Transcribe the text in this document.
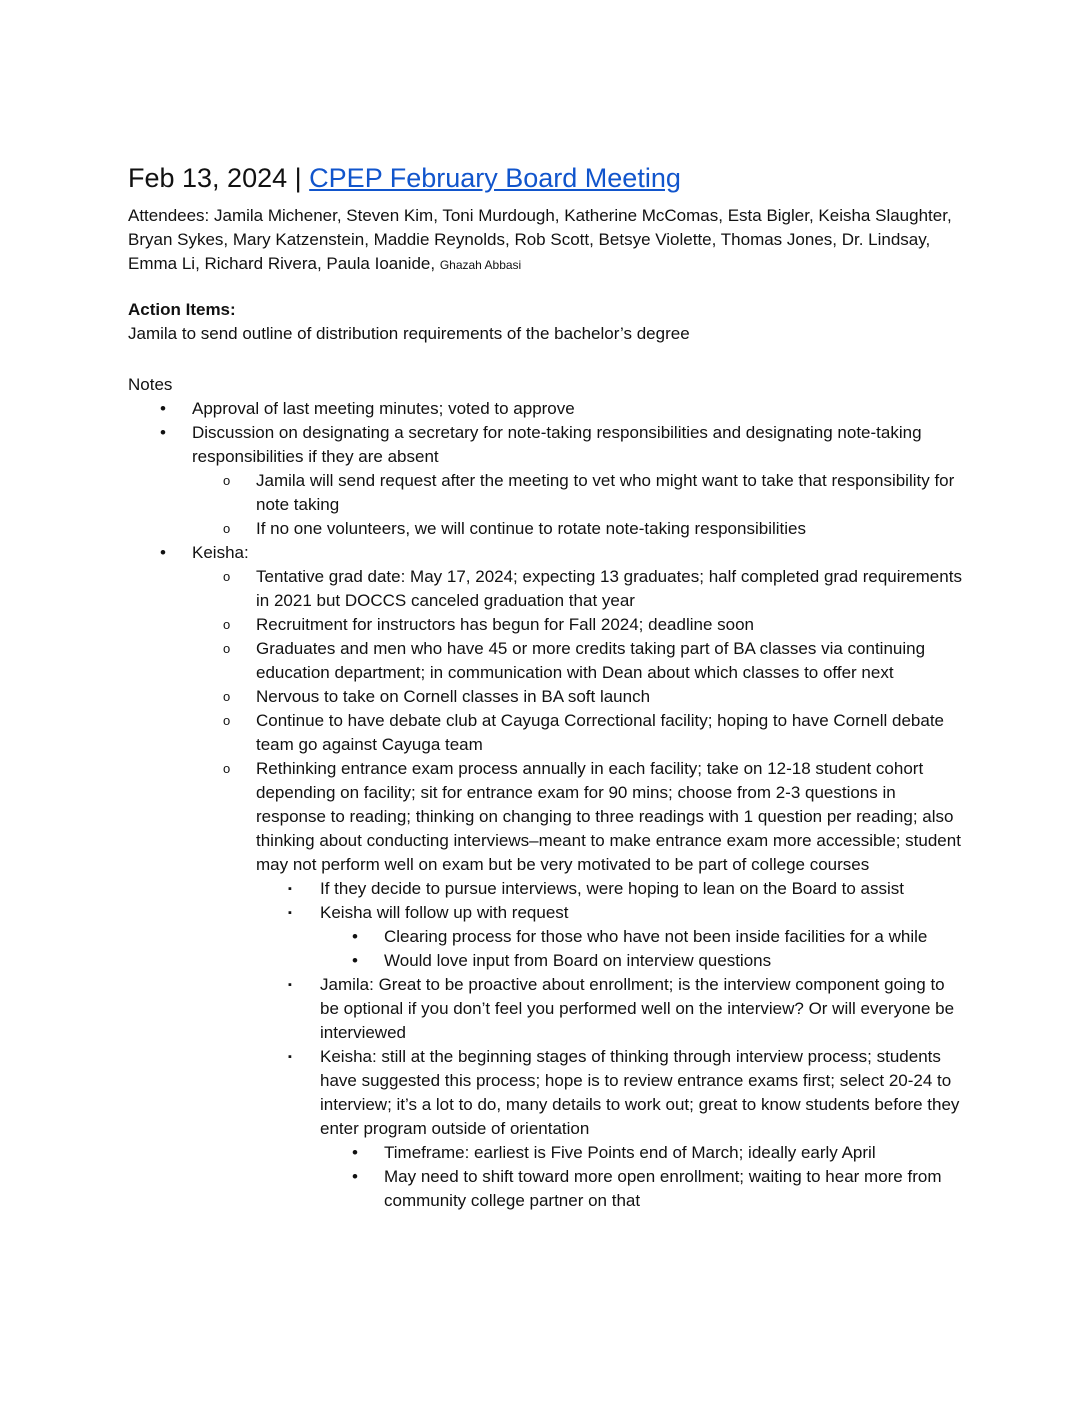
Feb 13, 2024 | CPEP February Board Meeting

Attendees: Jamila Michener, Steven Kim, Toni Murdough, Katherine McComas, Esta Bigler, Keisha Slaughter, Bryan Sykes, Mary Katzenstein, Maddie Reynolds, Rob Scott, Betsye Violette, Thomas Jones, Dr. Lindsay, Emma Li, Richard Rivera, Paula Ioanide, Ghazah Abbasi

Action Items:

Jamila to send outline of distribution requirements of the bachelor’s degree

Notes

• Approval of last meeting minutes; voted to approve
• Discussion on designating a secretary for note-taking responsibilities and designating note-taking responsibilities if they are absent
o Jamila will send request after the meeting to vet who might want to take that responsibility for note taking
o If no one volunteers, we will continue to rotate note-taking responsibilities
• Keisha:
o Tentative grad date: May 17, 2024; expecting 13 graduates; half completed grad requirements in 2021 but DOCCS canceled graduation that year
o Recruitment for instructors has begun for Fall 2024; deadline soon
o Graduates and men who have 45 or more credits taking part of BA classes via continuing education department; in communication with Dean about which classes to offer next
o Nervous to take on Cornell classes in BA soft launch
o Continue to have debate club at Cayuga Correctional facility; hoping to have Cornell debate team go against Cayuga team
o Rethinking entrance exam process annually in each facility; take on 12-18 student cohort depending on facility; sit for entrance exam for 90 mins; choose from 2-3 questions in response to reading; thinking on changing to three readings with 1 question per reading; also thinking about conducting interviews–meant to make entrance exam more accessible; student may not perform well on exam but be very motivated to be part of college courses
▪ If they decide to pursue interviews, were hoping to lean on the Board to assist
▪ Keisha will follow up with request
• Clearing process for those who have not been inside facilities for a while
• Would love input from Board on interview questions
▪ Jamila: Great to be proactive about enrollment; is the interview component going to be optional if you don’t feel you performed well on the interview? Or will everyone be interviewed
▪ Keisha: still at the beginning stages of thinking through interview process; students have suggested this process; hope is to review entrance exams first; select 20-24 to interview; it’s a lot to do, many details to work out; great to know students before they enter program outside of orientation
• Timeframe: earliest is Five Points end of March; ideally early April
• May need to shift toward more open enrollment; waiting to hear more from community college partner on that
